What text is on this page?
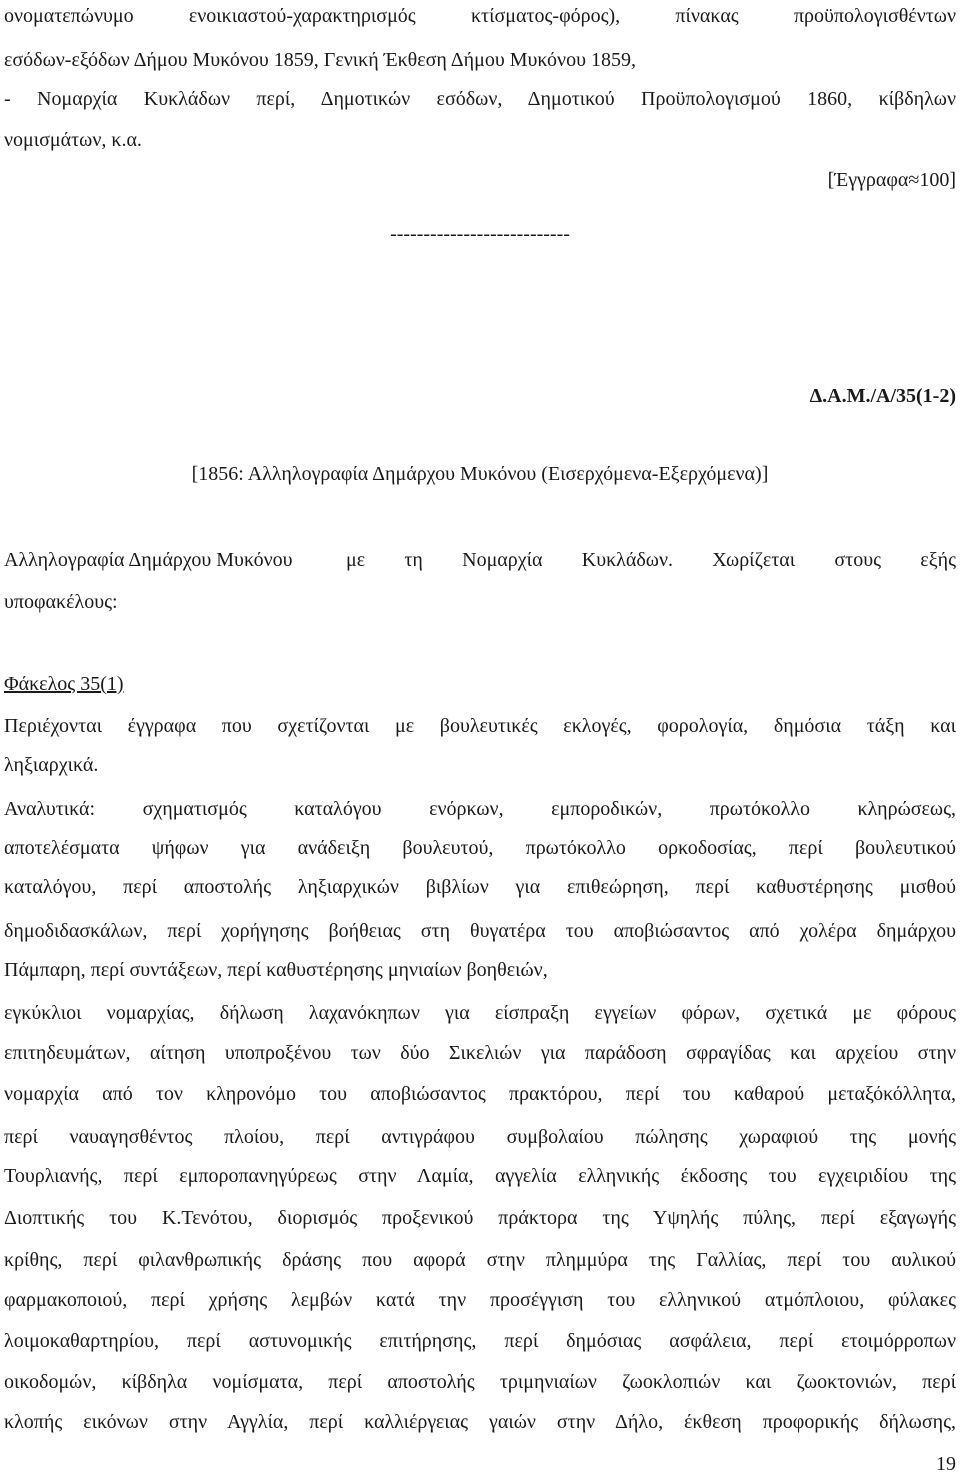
ονοματεπώνυμο ενοικιαστού-χαρακτηρισμός κτίσματος-φόρος), πίνακας προϋπολογισθέντων
εσόδων-εξόδων Δήμου Μυκόνου 1859, Γενική Έκθεση Δήμου Μυκόνου 1859,
- Νομαρχία Κυκλάδων περί, Δημοτικών εσόδων, Δημοτικού Προϋπολογισμού 1860, κίβδηλων
νομισμάτων, κ.α.
[Έγγραφα≈100]
---------------------------
Δ.Α.Μ./Α/35(1-2)
[1856: Αλληλογραφία Δημάρχου Μυκόνου (Εισερχόμενα-Εξερχόμενα)]
Αλληλογραφία Δημάρχου Μυκόνου	με τη Νομαρχία Κυκλάδων. Χωρίζεται στους εξής
υποφακέλους:
Φάκελος 35(1)
Περιέχονται έγγραφα που σχετίζονται με βουλευτικές εκλογές, φορολογία, δημόσια τάξη και
ληξιαρχικά.
Αναλυτικά: σχηματισμός καταλόγου ενόρκων, εμποροδικών, πρωτόκολλο κληρώσεως,
αποτελέσματα ψήφων για ανάδειξη βουλευτού, πρωτόκολλο ορκοδοσίας, περί βουλευτικού
καταλόγου, περί αποστολής ληξιαρχικών βιβλίων για επιθεώρηση, περί καθυστέρησης μισθού
δημοδιδασκάλων, περί χορήγησης βοήθειας στη θυγατέρα του αποβιώσαντος από χολέρα δημάρχου
Πάμπαρη, περί συντάξεων, περί καθυστέρησης μηνιαίων βοηθειών,
εγκύκλιοι νομαρχίας, δήλωση λαχανόκηπων για είσπραξη εγγείων φόρων, σχετικά με φόρους
επιτηδευμάτων, αίτηση υποπροξένου των δύο Σικελιών για παράδοση σφραγίδας και αρχείου στην
νομαρχία από τον κληρονόμο του αποβιώσαντος πρακτόρου, περί του καθαρού μεταξόκόλλητα,
περί ναυαγησθέντος πλοίου, περί αντιγράφου συμβολαίου πώλησης χωραφιού της μονής
Τουρλιανής, περί εμποροπανηγύρεως στην Λαμία, αγγελία ελληνικής έκδοσης του εγχειριδίου της
Διοπτικής του Κ.Τενότου, διορισμός προξενικού πράκτορα της Υψηλής πύλης, περί εξαγωγής
κρίθης, περί φιλανθρωπικής δράσης που αφορά στην πλημμύρα της Γαλλίας, περί του αυλικού
φαρμακοποιού, περί χρήσης λεμβών κατά την προσέγγιση του ελληνικού ατμόπλοιου, φύλακες
λοιμοκαθαρτηρίου, περί αστυνομικής επιτήρησης, περί δημόσιας ασφάλεια, περί ετοιμόρροπων
οικοδομών, κίβδηλα νομίσματα, περί αποστολής τριμηνιαίων ζωοκλοπιών και ζωοκτονιών, περί
κλοπής εικόνων στην Αγγλία, περί καλλιέργειας γαιών στην Δήλο, έκθεση προφορικής δήλωσης,
19
